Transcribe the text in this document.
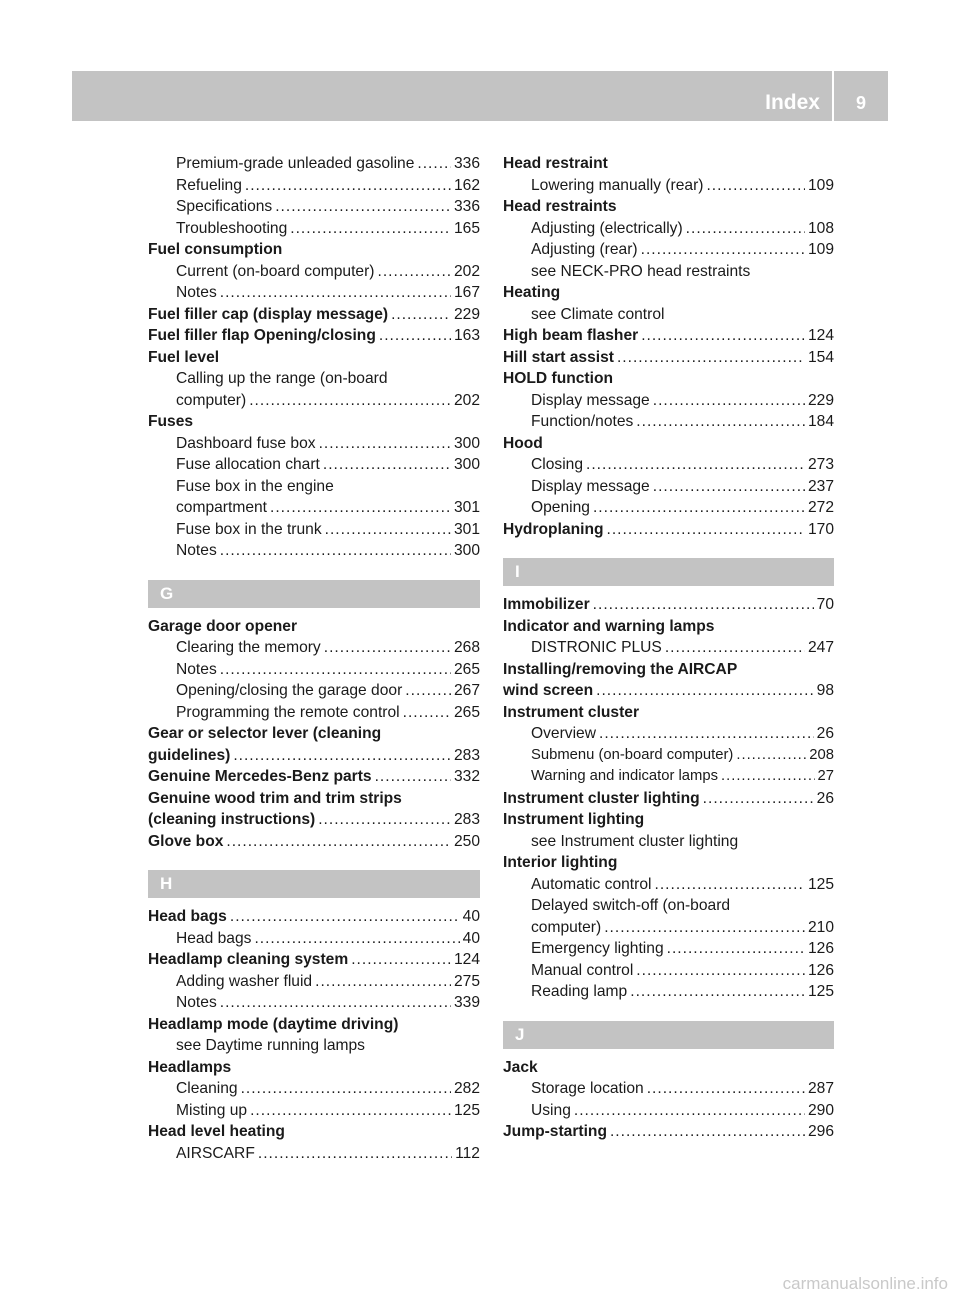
Index	9
Premium-grade unleaded gasoline .....	336
Refueling .....	162
Specifications .....	336
Troubleshooting .....	165
Fuel consumption
Current (on-board computer) .....	202
Notes .....	167
Fuel filler cap (display message) .....	229
Fuel filler flap Opening/closing .....	163
Fuel level
Calling up the range (on-board
computer) .....	202
Fuses
Dashboard fuse box .....	300
Fuse allocation chart .....	300
Fuse box in the engine
compartment .....	301
Fuse box in the trunk .....	301
Notes .....	300
G
Garage door opener
Clearing the memory .....	268
Notes .....	265
Opening/closing the garage door .....	267
Programming the remote control .....	265
Gear or selector lever (cleaning
guidelines) .....	283
Genuine Mercedes-Benz parts .....	332
Genuine wood trim and trim strips
(cleaning instructions) .....	283
Glove box .....	250
H
Head bags .....	40
Head bags .....	40
Headlamp cleaning system .....	124
Adding washer fluid .....	275
Notes .....	339
Headlamp mode (daytime driving)
see Daytime running lamps
Headlamps
Cleaning .....	282
Misting up .....	125
Head level heating
AIRSCARF .....	112
Head restraint
Lowering manually (rear) .....	109
Head restraints
Adjusting (electrically) .....	108
Adjusting (rear) .....	109
see NECK-PRO head restraints
Heating
see Climate control
High beam flasher .....	124
Hill start assist .....	154
HOLD function
Display message .....	229
Function/notes .....	184
Hood
Closing .....	273
Display message .....	237
Opening .....	272
Hydroplaning .....	170
I
Immobilizer .....	70
Indicator and warning lamps
DISTRONIC PLUS .....	247
Installing/removing the AIRCAP
wind screen .....	98
Instrument cluster
Overview .....	26
Submenu (on-board computer) .....	208
Warning and indicator lamps .....	27
Instrument cluster lighting .....	26
Instrument lighting
see Instrument cluster lighting
Interior lighting
Automatic control .....	125
Delayed switch-off (on-board
computer) .....	210
Emergency lighting .....	126
Manual control .....	126
Reading lamp .....	125
J
Jack
Storage location .....	287
Using .....	290
Jump-starting .....	296
carmanualsonline.info
